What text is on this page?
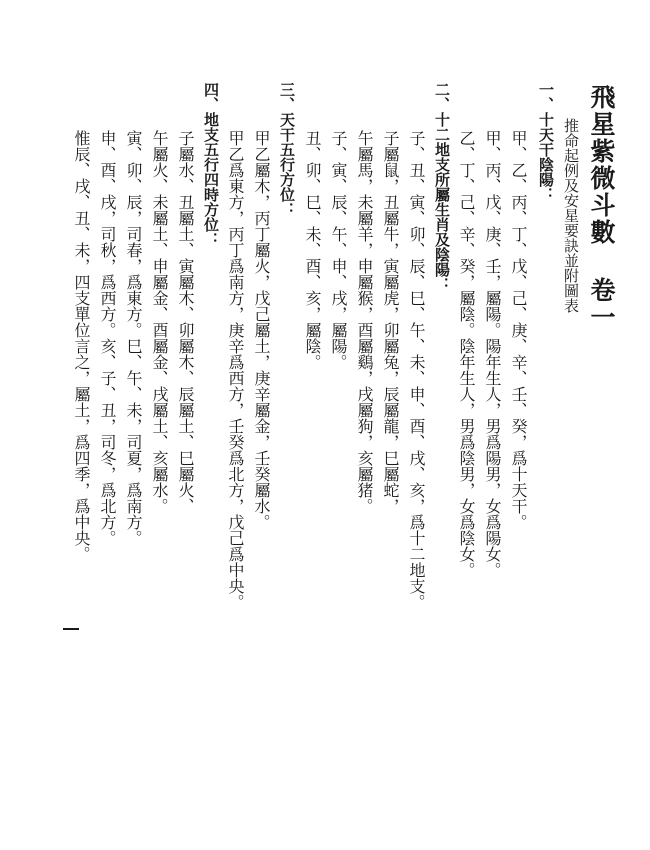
飛星紫微斗數 卷一
推命起例及安星要訣並附圖表
一、十天干陰陽：
甲、乙、丙、丁、戊、己、庚、辛、壬、癸，爲十天干。
甲、丙、戊、庚、壬，屬陽。陽年生人，男爲陽男，女爲陽女。
乙、丁、己、辛、癸，屬陰。陰年生人，男爲陰男，女爲陰女。
二、十二地支所屬生肖及陰陽：
子、丑、寅、卯、辰、巳、午、未、申、酉、戌、亥，爲十二地支。
子屬鼠，丑屬牛，寅屬虎，卯屬兔，辰屬龍，巳屬蛇，
午屬馬，未屬羊，申屬猴，酉屬鷄，戌屬狗，亥屬猪。
子、寅、辰、午、申、戌，屬陽。
丑、卯、巳、未、酉、亥，屬陰。
三、天干五行方位：
甲乙屬木，丙丁屬火，戊己屬土，庚辛屬金，壬癸屬水。
甲乙爲東方，丙丁爲南方，庚辛爲西方，壬癸爲北方，戊己爲中央。
四、地支五行四時方位：
子屬水、丑屬土、寅屬木、卯屬木、辰屬土、巳屬火、
午屬火、未屬土、申屬金、酉屬金、戌屬土、亥屬水。
寅、卯、辰，司春，爲東方。巳、午、未，司夏，爲南方。
申、酉、戌，司秋，爲西方。亥、子、丑，司冬，爲北方。
惟辰、戌、丑、未，四支單位言之，屬土，爲四季，爲中央。
